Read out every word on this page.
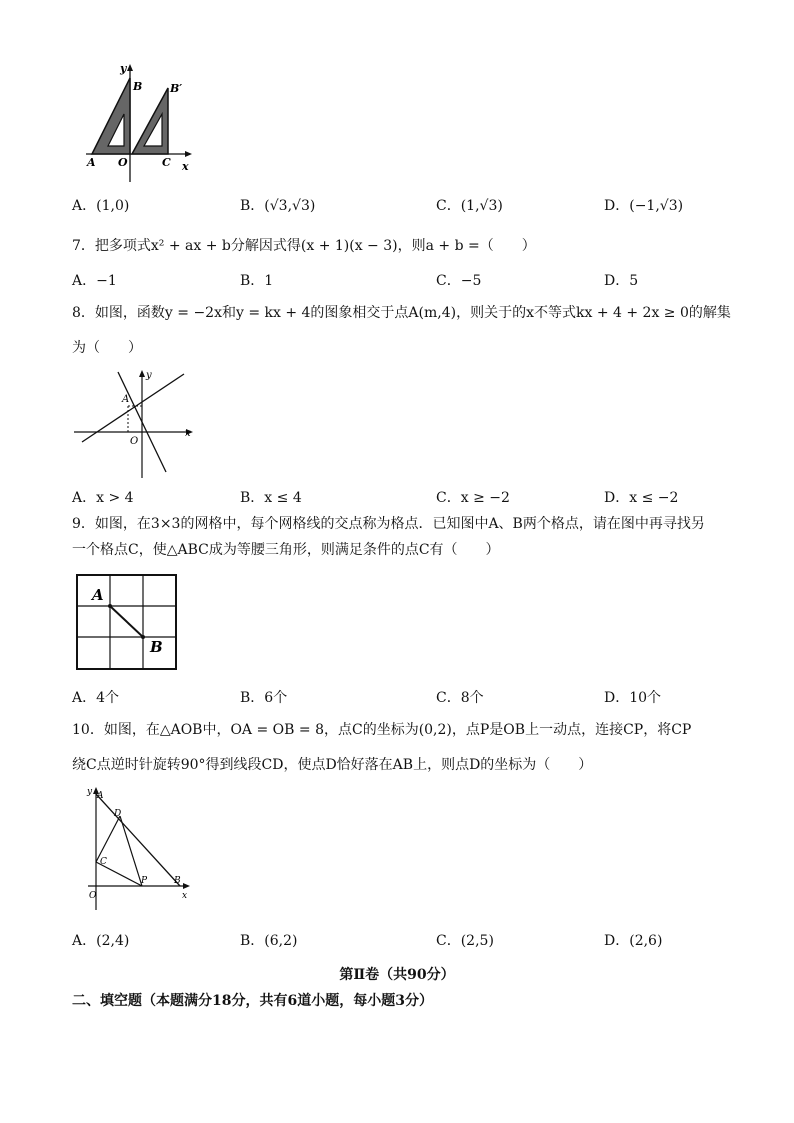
y
B	B′
A O	C x
A．(1,0)	B．(√3,√3)	C．(1,√3)	D．(−1,√3)
7．把多项式x² + ax + b分解因式得(x + 1)(x − 3)，则a + b =（　　）
A．−1	B．1	C．−5	D．5
8．如图，函数y = −2x和y = kx + 4的图象相交于点A(m,4)，则关于的x不等式kx + 4 + 2x ≥ 0的解集
为（　　）
y
A
O
x
A．x > 4	B．x ≤ 4	C．x ≥ −2	D．x ≤ −2
9．如图，在3×3的网格中，每个网格线的交点称为格点．已知图中A、B两个格点，请在图中再寻找另
一个格点C，使△ABC成为等腰三角形，则满足条件的点C有（　　）
A
B
A．4个	B．6个	C．8个	D．10个
10．如图，在△AOB中，OA = OB = 8，点C的坐标为(0,2)，点P是OB上一动点，连接CP，将CP
绕C点逆时针旋转90°得到线段CD，使点D恰好落在AB上，则点D的坐标为（　　）
y A
D
C
O
P	B
x
A．(2,4)	B．(6,2)	C．(2,5)	D．(2,6)
第Ⅱ卷（共90分）
二、填空题（本题满分18分，共有6道小题，每小题3分）
